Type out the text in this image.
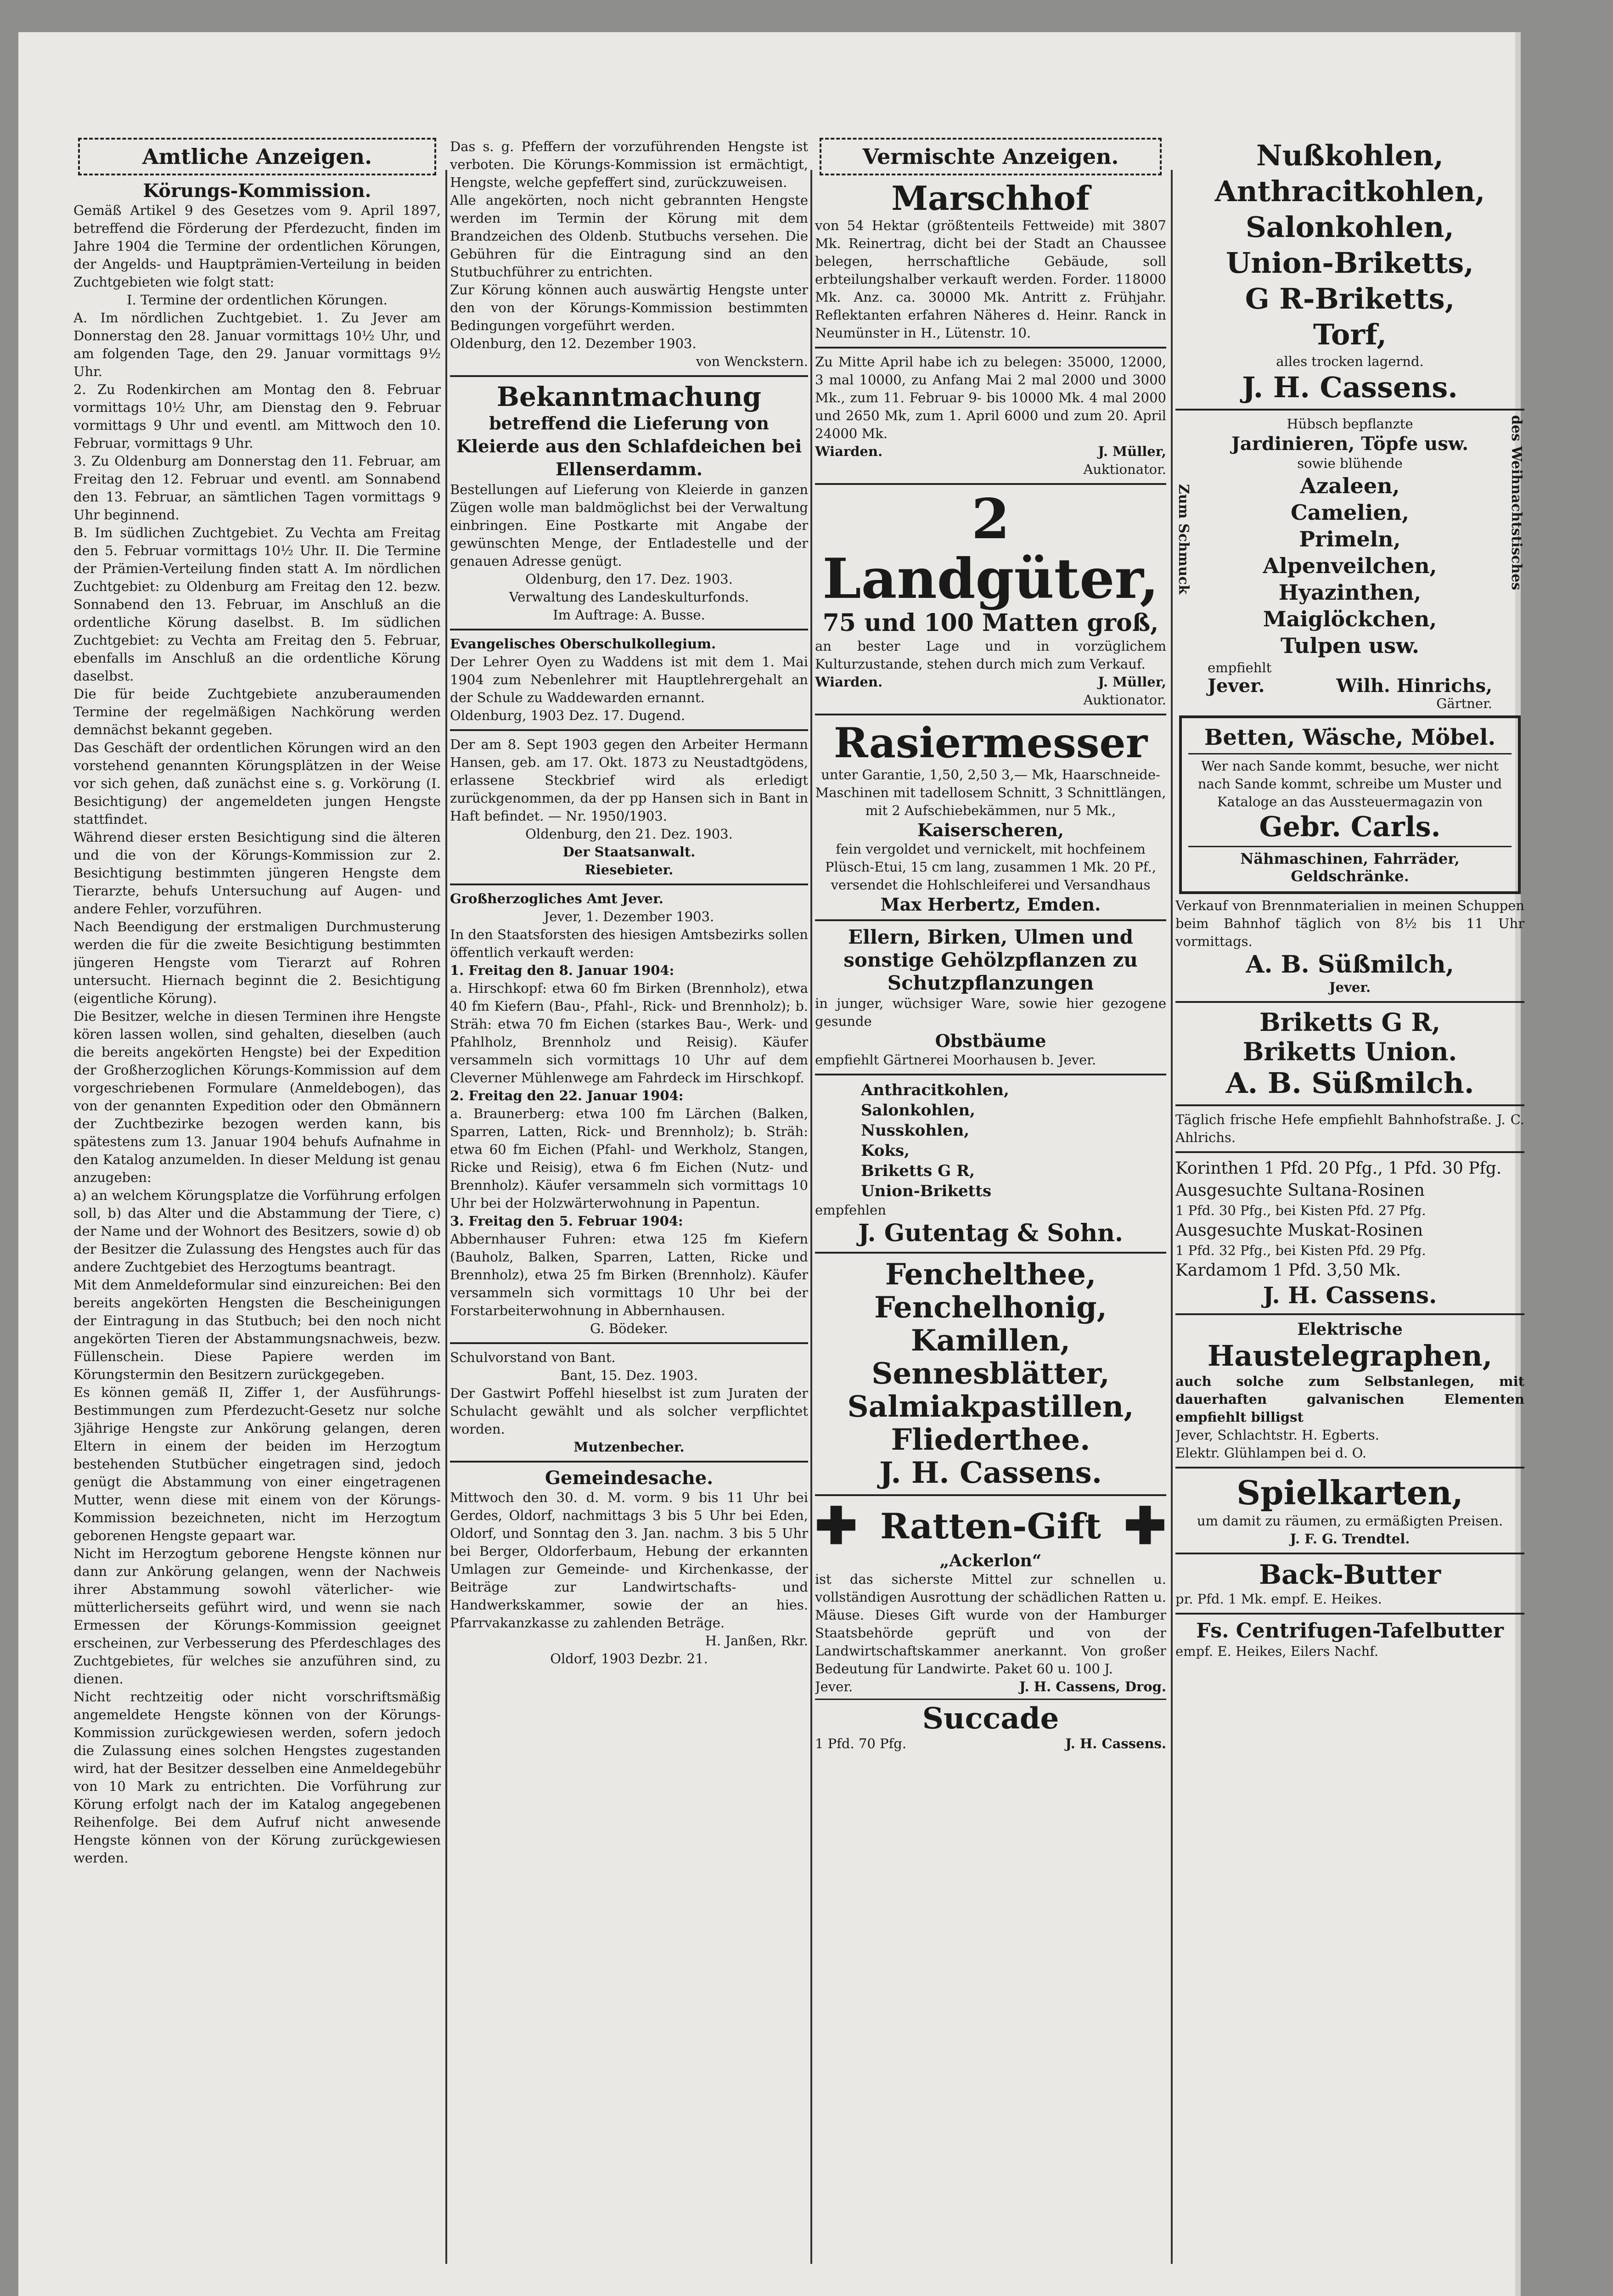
Amtliche Anzeigen.

Körungs-Kommission.

Gemäß Artikel 9 des Gesetzes vom 9. April 1897, betreffend die Förderung der Pferdezucht, finden im Jahre 1904 die Termine der ordentlichen Körungen, der Angelds- und Hauptprämien-Verteilung in beiden Zuchtgebieten wie folgt statt:

I. Termine der ordentlichen Körungen.

A. Im nördlichen Zuchtgebiet. 1. Zu Jever am Donnerstag den 28. Januar vormittags 10½ Uhr, und am folgenden Tage, den 29. Januar vormittags 9½ Uhr.

2. Zu Rodenkirchen am Montag den 8. Februar vormittags 10½ Uhr, am Dienstag den 9. Februar vormittags 9 Uhr und eventl. am Mittwoch den 10. Februar, vormittags 9 Uhr.

3. Zu Oldenburg am Donnerstag den 11. Februar, am Freitag den 12. Februar und eventl. am Sonnabend den 13. Februar, an sämtlichen Tagen vormittags 9 Uhr beginnend.

B. Im südlichen Zuchtgebiet. Zu Vechta am Freitag den 5. Februar vormittags 10½ Uhr. II. Die Termine der Prämien-Verteilung finden statt A. Im nördlichen Zuchtgebiet: zu Oldenburg am Freitag den 12. bezw. Sonnabend den 13. Februar, im Anschluß an die ordentliche Körung daselbst. B. Im südlichen Zuchtgebiet: zu Vechta am Freitag den 5. Februar, ebenfalls im Anschluß an die ordentliche Körung daselbst.

Die für beide Zuchtgebiete anzuberaumenden Termine der regelmäßigen Nachkörung werden demnächst bekannt gegeben.

Das Geschäft der ordentlichen Körungen wird an den vorstehend genannten Körungsplätzen in der Weise vor sich gehen, daß zunächst eine s. g. Vorkörung (I. Besichtigung) der angemeldeten jungen Hengste stattfindet.

Während dieser ersten Besichtigung sind die älteren und die von der Körungs-Kommission zur 2. Besichtigung bestimmten jüngeren Hengste dem Tierarzte, behufs Untersuchung auf Augen- und andere Fehler, vorzuführen.

Nach Beendigung der erstmaligen Durchmusterung werden die für die zweite Besichtigung bestimmten jüngeren Hengste vom Tierarzt auf Rohren untersucht. Hiernach beginnt die 2. Besichtigung (eigentliche Körung).

Die Besitzer, welche in diesen Terminen ihre Hengste kören lassen wollen, sind gehalten, dieselben (auch die bereits angekörten Hengste) bei der Expedition der Großherzoglichen Körungs-Kommission auf dem vorgeschriebenen Formulare (Anmeldebogen), das von der genannten Expedition oder den Obmännern der Zuchtbezirke bezogen werden kann, bis spätestens zum 13. Januar 1904 behufs Aufnahme in den Katalog anzumelden. In dieser Meldung ist genau anzugeben:

a) an welchem Körungsplatze die Vorführung erfolgen soll, b) das Alter und die Abstammung der Tiere, c) der Name und der Wohnort des Besitzers, sowie d) ob der Besitzer die Zulassung des Hengstes auch für das andere Zuchtgebiet des Herzogtums beantragt.

Mit dem Anmeldeformular sind einzureichen: Bei den bereits angekörten Hengsten die Bescheinigungen der Eintragung in das Stutbuch; bei den noch nicht angekörten Tieren der Abstammungsnachweis, bezw. Füllenschein. Diese Papiere werden im Körungstermin den Besitzern zurückgegeben.

Es können gemäß II, Ziffer 1, der Ausführungs-Bestimmungen zum Pferdezucht-Gesetz nur solche 3jährige Hengste zur Ankörung gelangen, deren Eltern in einem der beiden im Herzogtum bestehenden Stutbücher eingetragen sind, jedoch genügt die Abstammung von einer eingetragenen Mutter, wenn diese mit einem von der Körungs-Kommission bezeichneten, nicht im Herzogtum geborenen Hengste gepaart war.

Nicht im Herzogtum geborene Hengste können nur dann zur Ankörung gelangen, wenn der Nachweis ihrer Abstammung sowohl väterlicher- wie mütterlicherseits geführt wird, und wenn sie nach Ermessen der Körungs-Kommission geeignet erscheinen, zur Verbesserung des Pferdeschlages des Zuchtgebietes, für welches sie anzuführen sind, zu dienen.

Nicht rechtzeitig oder nicht vorschriftsmäßig angemeldete Hengste können von der Körungs-Kommission zurückgewiesen werden, sofern jedoch die Zulassung eines solchen Hengstes zugestanden wird, hat der Besitzer desselben eine Anmeldegebühr von 10 Mark zu entrichten. Die Vorführung zur Körung erfolgt nach der im Katalog angegebenen Reihenfolge. Bei dem Aufruf nicht anwesende Hengste können von der Körung zurückgewiesen werden.

Das s. g. Pfeffern der vorzuführenden Hengste ist verboten. Die Körungs-Kommission ist ermächtigt, Hengste, welche gepfeffert sind, zurückzuweisen.

Alle angekörten, noch nicht gebrannten Hengste werden im Termin der Körung mit dem Brandzeichen des Oldenb. Stutbuchs versehen. Die Gebühren für die Eintragung sind an den Stutbuchführer zu entrichten.

Zur Körung können auch auswärtig Hengste unter den von der Körungs-Kommission bestimmten Bedingungen vorgeführt werden.

Oldenburg, den 12. Dezember 1903.

von Wenckstern.

Bekanntmachung

betreffend die Lieferung von Kleierde aus den Schlafdeichen bei Ellenserdamm.

Bestellungen auf Lieferung von Kleierde in ganzen Zügen wolle man baldmöglichst bei der Verwaltung einbringen. Eine Postkarte mit Angabe der gewünschten Menge, der Entladestelle und der genauen Adresse genügt.

Oldenburg, den 17. Dez. 1903.

Verwaltung des Landeskulturfonds.

Im Auftrage: A. Busse.

Evangelisches Oberschulkollegium.

Der Lehrer Oyen zu Waddens ist mit dem 1. Mai 1904 zum Nebenlehrer mit Hauptlehrergehalt an der Schule zu Waddewarden ernannt.

Oldenburg, 1903 Dez. 17. Dugend.

Der am 8. Sept 1903 gegen den Arbeiter Hermann Hansen, geb. am 17. Okt. 1873 zu Neustadtgödens, erlassene Steckbrief wird als erledigt zurückgenommen, da der pp Hansen sich in Bant in Haft befindet. — Nr. 1950/1903.

Oldenburg, den 21. Dez. 1903.

Der Staatsanwalt.

Riesebieter.

Großherzogliches Amt Jever.

Jever, 1. Dezember 1903.

In den Staatsforsten des hiesigen Amtsbezirks sollen öffentlich verkauft werden:

1. Freitag den 8. Januar 1904:

a. Hirschkopf: etwa 60 fm Birken (Brennholz), etwa 40 fm Kiefern (Bau-, Pfahl-, Rick- und Brennholz); b. Sträh: etwa 70 fm Eichen (starkes Bau-, Werk- und Pfahlholz, Brennholz und Reisig). Käufer versammeln sich vormittags 10 Uhr auf dem Cleverner Mühlenwege am Fahrdeck im Hirschkopf.

2. Freitag den 22. Januar 1904:

a. Braunerberg: etwa 100 fm Lärchen (Balken, Sparren, Latten, Rick- und Brennholz); b. Sträh: etwa 60 fm Eichen (Pfahl- und Werkholz, Stangen, Ricke und Reisig), etwa 6 fm Eichen (Nutz- und Brennholz). Käufer versammeln sich vormittags 10 Uhr bei der Holzwärterwohnung in Papentun.

3. Freitag den 5. Februar 1904:

Abbernhauser Fuhren: etwa 125 fm Kiefern (Bauholz, Balken, Sparren, Latten, Ricke und Brennholz), etwa 25 fm Birken (Brennholz). Käufer versammeln sich vormittags 10 Uhr bei der Forstarbeiterwohnung in Abbernhausen.

G. Bödeker.

Schulvorstand von Bant.

Bant, 15. Dez. 1903.

Der Gastwirt Poffehl hieselbst ist zum Juraten der Schulacht gewählt und als solcher verpflichtet worden.

Mutzenbecher.

Gemeindesache.

Mittwoch den 30. d. M. vorm. 9 bis 11 Uhr bei Gerdes, Oldorf, nachmittags 3 bis 5 Uhr bei Eden, Oldorf, und Sonntag den 3. Jan. nachm. 3 bis 5 Uhr bei Berger, Oldorferbaum, Hebung der erkannten Umlagen zur Gemeinde- und Kirchenkasse, der Beiträge zur Landwirtschafts- und Handwerkskammer, sowie der an hies. Pfarrvakanzkasse zu zahlenden Beträge.

H. Janßen, Rkr.

Oldorf, 1903 Dezbr. 21.

Vermischte Anzeigen.

Marschhof

von 54 Hektar (größtenteils Fettweide) mit 3807 Mk. Reinertrag, dicht bei der Stadt an Chaussee belegen, herrschaftliche Gebäude, soll erbteilungshalber verkauft werden. Forder. 118000 Mk. Anz. ca. 30000 Mk. Antritt z. Frühjahr. Reflektanten erfahren Näheres d. Heinr. Ranck in Neumünster in H., Lütenstr. 10.

Zu Mitte April habe ich zu belegen: 35000, 12000, 3 mal 10000, zu Anfang Mai 2 mal 2000 und 3000 Mk., zum 11. Februar 9- bis 10000 Mk. 4 mal 2000 und 2650 Mk, zum 1. April 6000 und zum 20. April 24000 Mk.

Wiarden.	J. Müller,

Auktionator.

2 Landgüter,

75 und 100 Matten groß,

an bester Lage und in vorzüglichem Kulturzustande, stehen durch mich zum Verkauf.

Wiarden.	J. Müller,

Auktionator.

Rasiermesser

unter Garantie, 1,50, 2,50 3,— Mk, Haarschneide-Maschinen mit tadellosem Schnitt, 3 Schnittlängen, mit 2 Aufschiebekämmen, nur 5 Mk.,

Kaiserscheren,

fein vergoldet und vernickelt, mit hochfeinem Plüsch-Etui, 15 cm lang, zusammen 1 Mk. 20 Pf., versendet die Hohlschleiferei und Versandhaus

Max Herbertz, Emden.

Ellern, Birken, Ulmen und sonstige Gehölzpflanzen zu Schutzpflanzungen

in junger, wüchsiger Ware, sowie hier gezogene gesunde

Obstbäume

empfiehlt Gärtnerei Moorhausen b. Jever.

Anthracitkohlen,

Salonkohlen,

Nusskohlen,

Koks,

Briketts G R,

Union-Briketts

empfehlen

J. Gutentag & Sohn.

Fenchelthee,

Fenchelhonig,

Kamillen,

Sennesblätter,

Salmiakpastillen,

Fliederthee.

J. H. Cassens.

✚ Ratten-Gift ✚

„Ackerlon“

ist das sicherste Mittel zur schnellen u. vollständigen Ausrottung der schädlichen Ratten u. Mäuse. Dieses Gift wurde von der Hamburger Staatsbehörde geprüft und von der Landwirtschaftskammer anerkannt. Von großer Bedeutung für Landwirte. Paket 60 u. 100 J.

Jever.	J. H. Cassens, Drog.

Succade

1 Pfd. 70 Pfg.	J. H. Cassens.

Nußkohlen,

Anthracitkohlen,

Salonkohlen,

Union-Briketts,

G R-Briketts,

Torf,

alles trocken lagernd.

J. H. Cassens.

Zum Schmuck	des Weihnachtstisches

Hübsch bepflanzte

Jardinieren, Töpfe usw.

sowie blühende

Azaleen,

Camelien,

Primeln,

Alpenveilchen,

Hyazinthen,

Maiglöckchen,

Tulpen usw.

empfiehlt

Jever.	Wilh. Hinrichs,

Gärtner.

Betten, Wäsche, Möbel.

Wer nach Sande kommt, besuche, wer nicht nach Sande kommt, schreibe um Muster und Kataloge an das Aussteuermagazin von

Gebr. Carls.

Nähmaschinen, Fahrräder, Geldschränke.

Verkauf von Brennmaterialien in meinen Schuppen beim Bahnhof täglich von 8½ bis 11 Uhr vormittags.

A. B. Süßmilch,

Jever.

Briketts G R,

Briketts Union.

A. B. Süßmilch.

Täglich frische Hefe empfiehlt Bahnhofstraße. J. C. Ahlrichs.

Korinthen 1 Pfd. 20 Pfg., 1 Pfd. 30 Pfg.

Ausgesuchte Sultana-Rosinen

1 Pfd. 30 Pfg., bei Kisten Pfd. 27 Pfg.

Ausgesuchte Muskat-Rosinen

1 Pfd. 32 Pfg., bei Kisten Pfd. 29 Pfg.

Kardamom 1 Pfd. 3,50 Mk.

J. H. Cassens.

Elektrische

Haustelegraphen,

auch solche zum Selbstanlegen, mit dauerhaften galvanischen Elementen empfiehlt billigst

Jever, Schlachtstr. H. Egberts.

Elektr. Glühlampen bei d. O.

Spielkarten,

um damit zu räumen, zu ermäßigten Preisen.

J. F. G. Trendtel.

Back-Butter

pr. Pfd. 1 Mk. empf. E. Heikes.

Fs. Centrifugen-Tafelbutter

empf. E. Heikes, Eilers Nachf.
